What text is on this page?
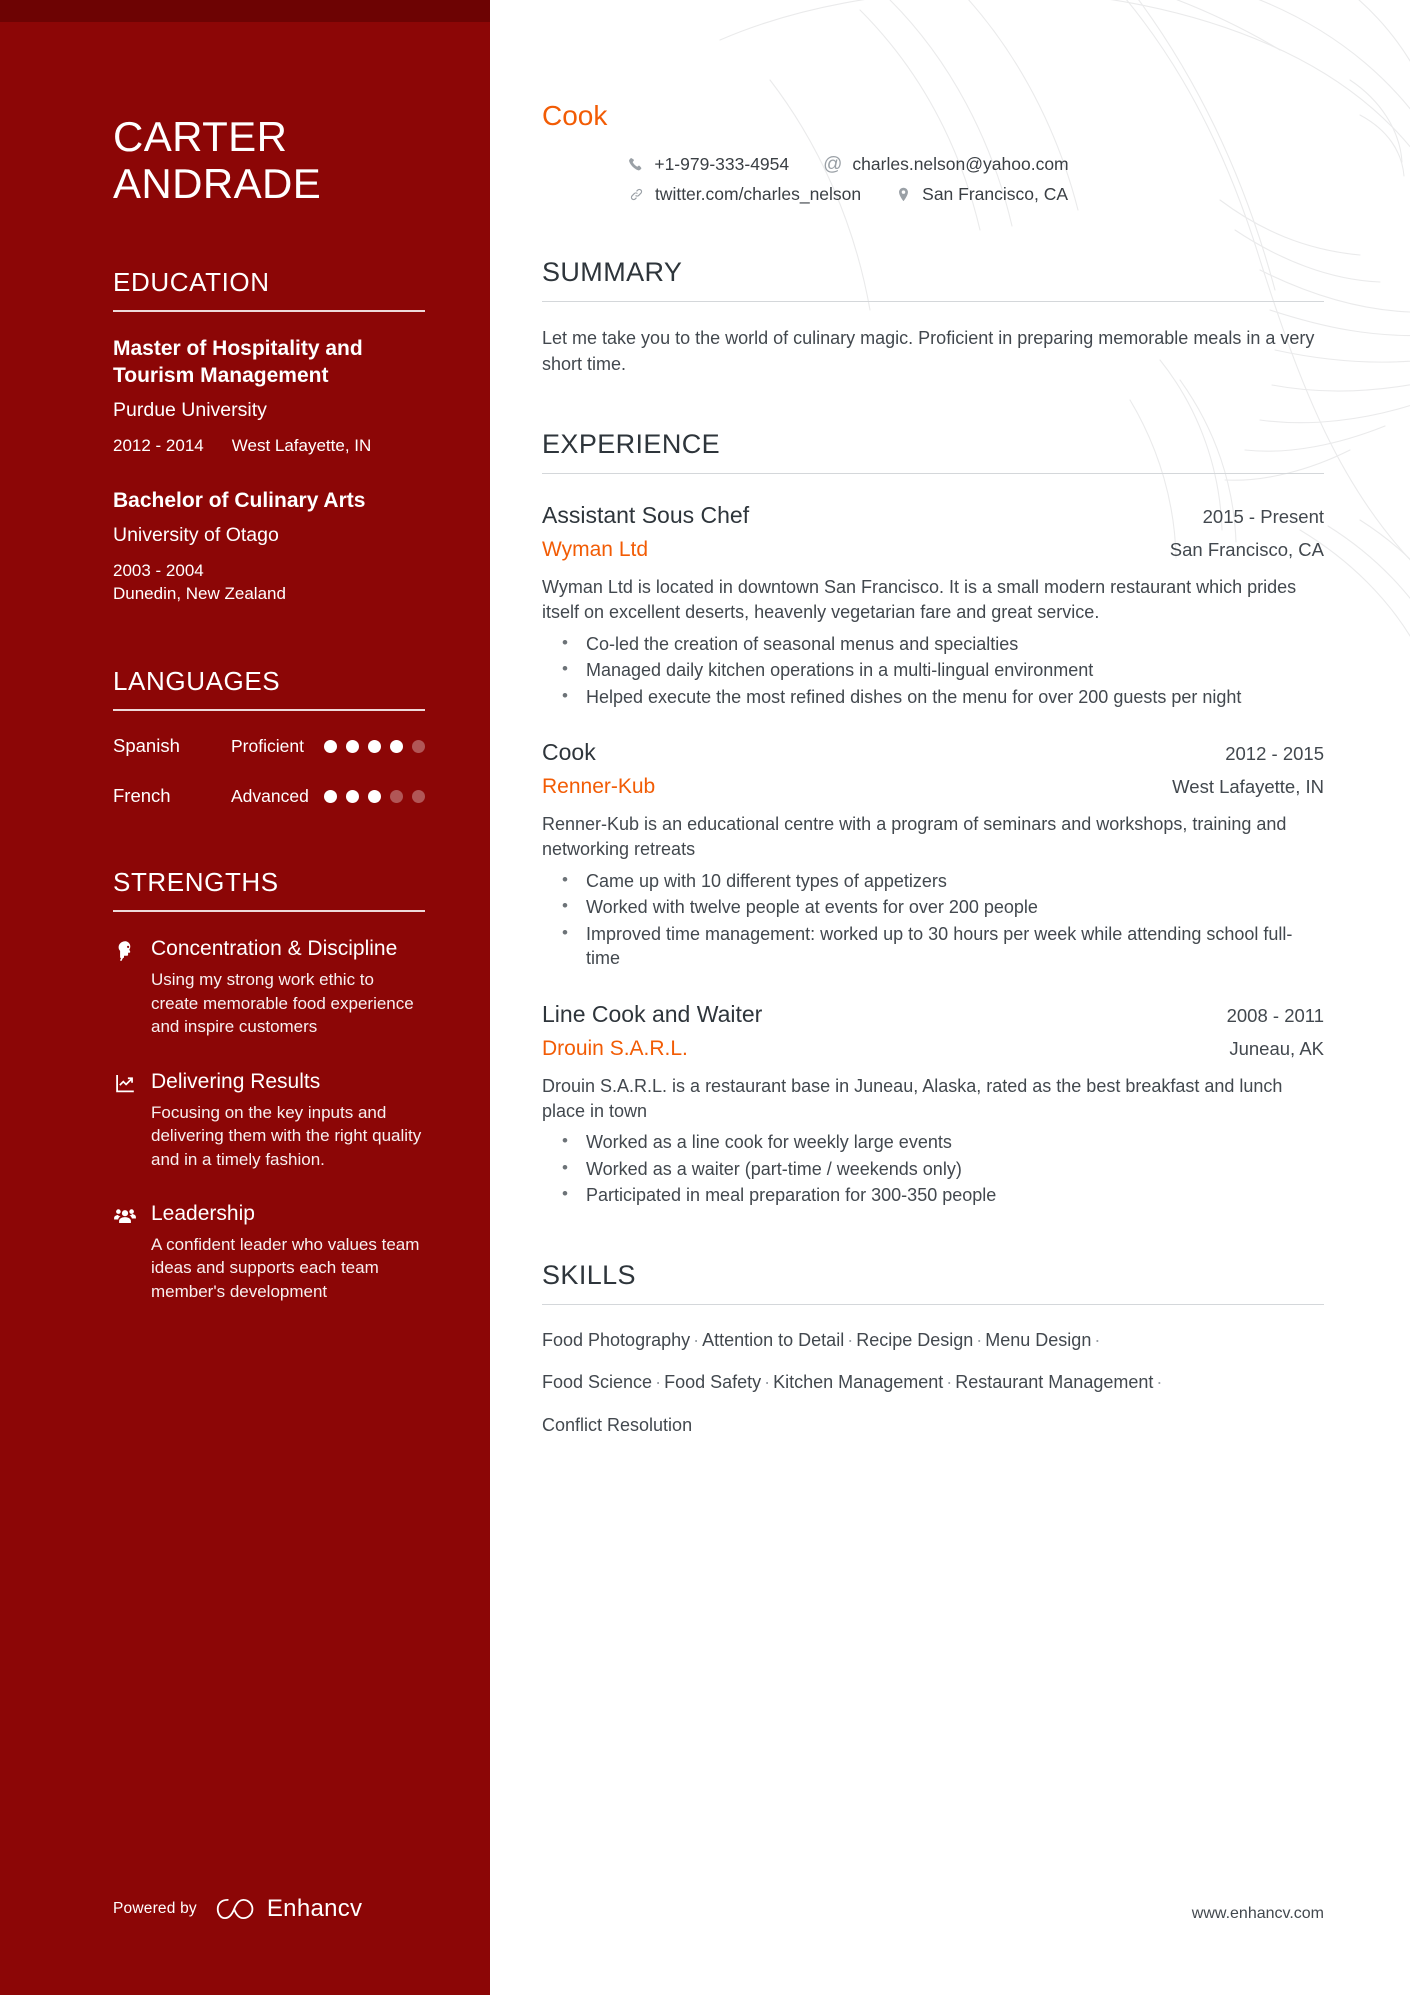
CARTER
ANDRADE
EDUCATION
Master of Hospitality and Tourism Management
Purdue University
2012 - 2014 West Lafayette, IN
Bachelor of Culinary Arts
University of Otago
2003 - 2004
Dunedin, New Zealand
LANGUAGES
Spanish	Proficient
French	Advanced
STRENGTHS
Concentration & Discipline
Using my strong work ethic to create memorable food experience and inspire customers
Delivering Results
Focusing on the key inputs and delivering them with the right quality and in a timely fashion.
Leadership
A confident leader who values team ideas and supports each team member's development
Powered by	Enhancv
Cook
+1-979-333-4954 @ charles.nelson@yahoo.com
twitter.com/charles_nelson	San Francisco, CA
SUMMARY

Let me take you to the world of culinary magic. Proficient in preparing memorable meals in a very short time.

EXPERIENCE
Assistant Sous Chef	2015 - Present
Wyman Ltd	San Francisco, CA

Wyman Ltd is located in downtown San Francisco. It is a small modern restaurant which prides itself on excellent deserts, heavenly vegetarian fare and great service.

• Co-led the creation of seasonal menus and specialties
• Managed daily kitchen operations in a multi-lingual environment
• Helped execute the most refined dishes on the menu for over 200 guests per night
Cook	2012 - 2015
Renner-Kub	West Lafayette, IN

Renner-Kub is an educational centre with a program of seminars and workshops, training and networking retreats

• Came up with 10 different types of appetizers
• Worked with twelve people at events for over 200 people
• Improved time management: worked up to 30 hours per week while attending school full-time
Line Cook and Waiter	2008 - 2011
Drouin S.A.R.L.	Juneau, AK

Drouin S.A.R.L. is a restaurant base in Juneau, Alaska, rated as the best breakfast and lunch place in town

• Worked as a line cook for weekly large events
• Worked as a waiter (part-time / weekends only)
• Participated in meal preparation for 300-350 people
SKILLS
Food Photography · Attention to Detail · Recipe Design · Menu Design ·
Food Science · Food Safety · Kitchen Management · Restaurant Management ·
Conflict Resolution
www.enhancv.com
